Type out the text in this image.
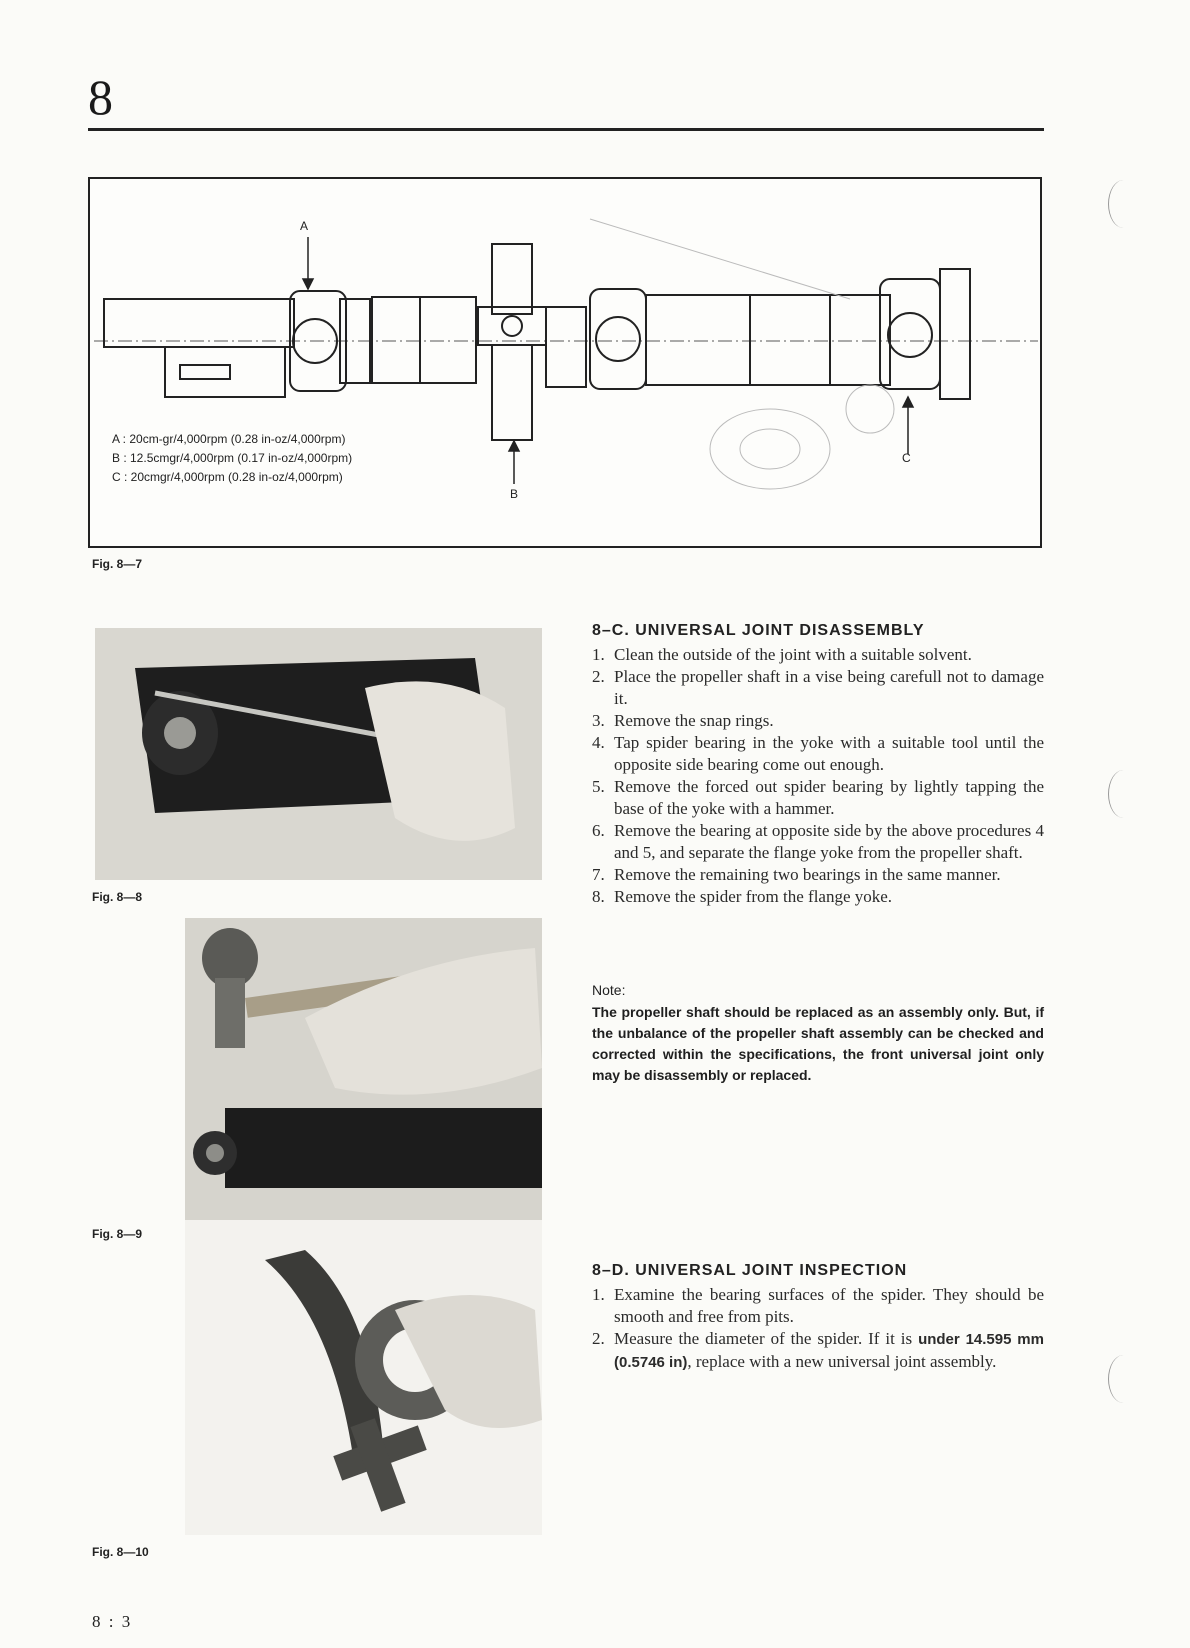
8
A
B
C
A : 20cm-gr/4,000rpm (0.28 in-oz/4,000rpm)
B : 12.5cmgr/4,000rpm (0.17 in-oz/4,000rpm)
C : 20cmgr/4,000rpm (0.28 in-oz/4,000rpm)
Fig. 8—7
Fig. 8—8
Fig. 8—9
Fig. 8—10
8–C. UNIVERSAL JOINT DISASSEMBLY
1. Clean the outside of the joint with a suitable solvent.
2. Place the propeller shaft in a vise being carefull not to damage it.
3. Remove the snap rings.
4. Tap spider bearing in the yoke with a suitable tool until the opposite side bearing come out enough.
5. Remove the forced out spider bearing by lightly tapping the base of the yoke with a hammer.
6. Remove the bearing at opposite side by the above procedures 4 and 5, and separate the flange yoke from the propeller shaft.
7. Remove the remaining two bearings in the same manner.
8. Remove the spider from the flange yoke.
Note:
The propeller shaft should be replaced as an assembly only. But, if the unbalance of the propeller shaft assembly can be checked and corrected within the specifications, the front universal joint only may be disassembly or replaced.
8–D. UNIVERSAL JOINT INSPECTION
1. Examine the bearing surfaces of the spider. They should be smooth and free from pits.
2. Measure the diameter of the spider. If it is under 14.595 mm (0.5746 in), replace with a new universal joint assembly.
8 : 3
